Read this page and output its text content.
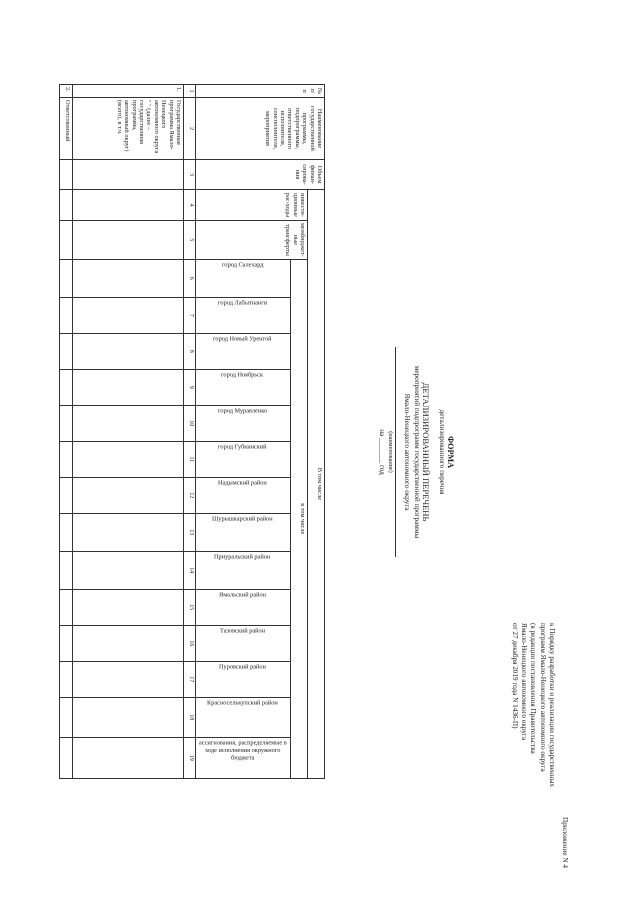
Приложение N 4
к Порядку разработки и реализации государственных
программ Ямало-Ненецкого автономного округа
(в редакции постановления Правительства
Ямало-Ненецкого автономного округа
от 27 декабря 2019 года N 1436-П)
ФОРМА
детализированного перечня
ДЕТАЛИЗИРОВАННЫЙ ПЕРЕЧЕНЬ
мероприятий подпрограмм государственной программы
Ямало-Ненецкого автономного округа
(наименование)
на _______ год
№ п/п	Наименование государственной программы, подпрограммы, ответственного исполнителя, соисполнителя, мероприятия	Объем финан-сирова-ния	В том числе															
			инвести-ционные рас-ходы	межбюджет-ные трансферты	в том числе													
					город Салехард	город Лабытнанги	город Новый Уренгой	город Ноябрьск	город Муравленко	город Губкинский	Надымский район	Шурышкарский район	Приуральский район	Ямальский район	Тазовский район	Пуровский район	Красноселькупский район	ассигнования, распределяемые в ходе исполнения окружного бюджета
1	2	3	4	5	6	7	8	9	10	11	12	13	14	15	16	17	18	19
1.	Государственная программа Ямало-Ненецкого автономного округа " " (далее – государственная программа, автономный округ) (всего), в т.ч.																	
2.	Ответственный																	
